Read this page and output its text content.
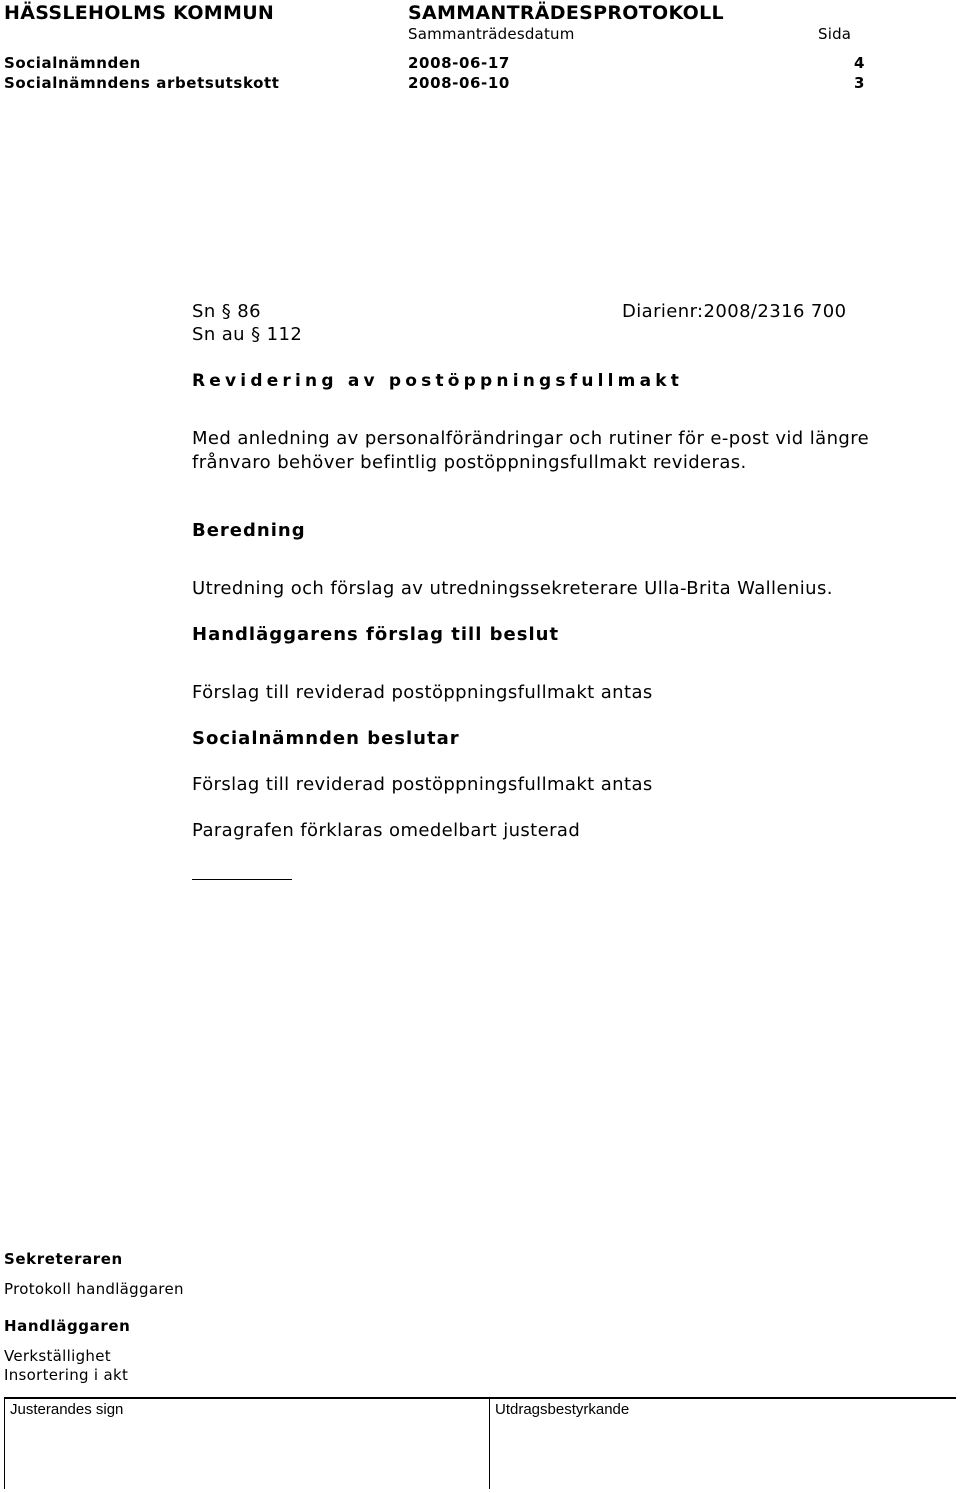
HÄSSLEHOLMS KOMMUN	SAMMANTRÄDESPROTOKOLL
Sammanträdesdatum	Sida
Socialnämnden	2008-06-17	4
Socialnämndens arbetsutskott	2008-06-10	3
Sn § 86	Diarienr:2008/2316 700
Sn au § 112
Revidering av postöppningsfullmakt
Med anledning av personalförändringar och rutiner för e-post vid längre
frånvaro behöver befintlig postöppningsfullmakt revideras.
Beredning
Utredning och förslag av utredningssekreterare Ulla-Brita Wallenius.
Handläggarens förslag till beslut
Förslag till reviderad postöppningsfullmakt antas
Socialnämnden beslutar
Förslag till reviderad postöppningsfullmakt antas
Paragrafen förklaras omedelbart justerad
Sekreteraren
Protokoll handläggaren
Handläggaren
Verkställighet
Insortering i akt
Justerandes sign	Utdragsbestyrkande
